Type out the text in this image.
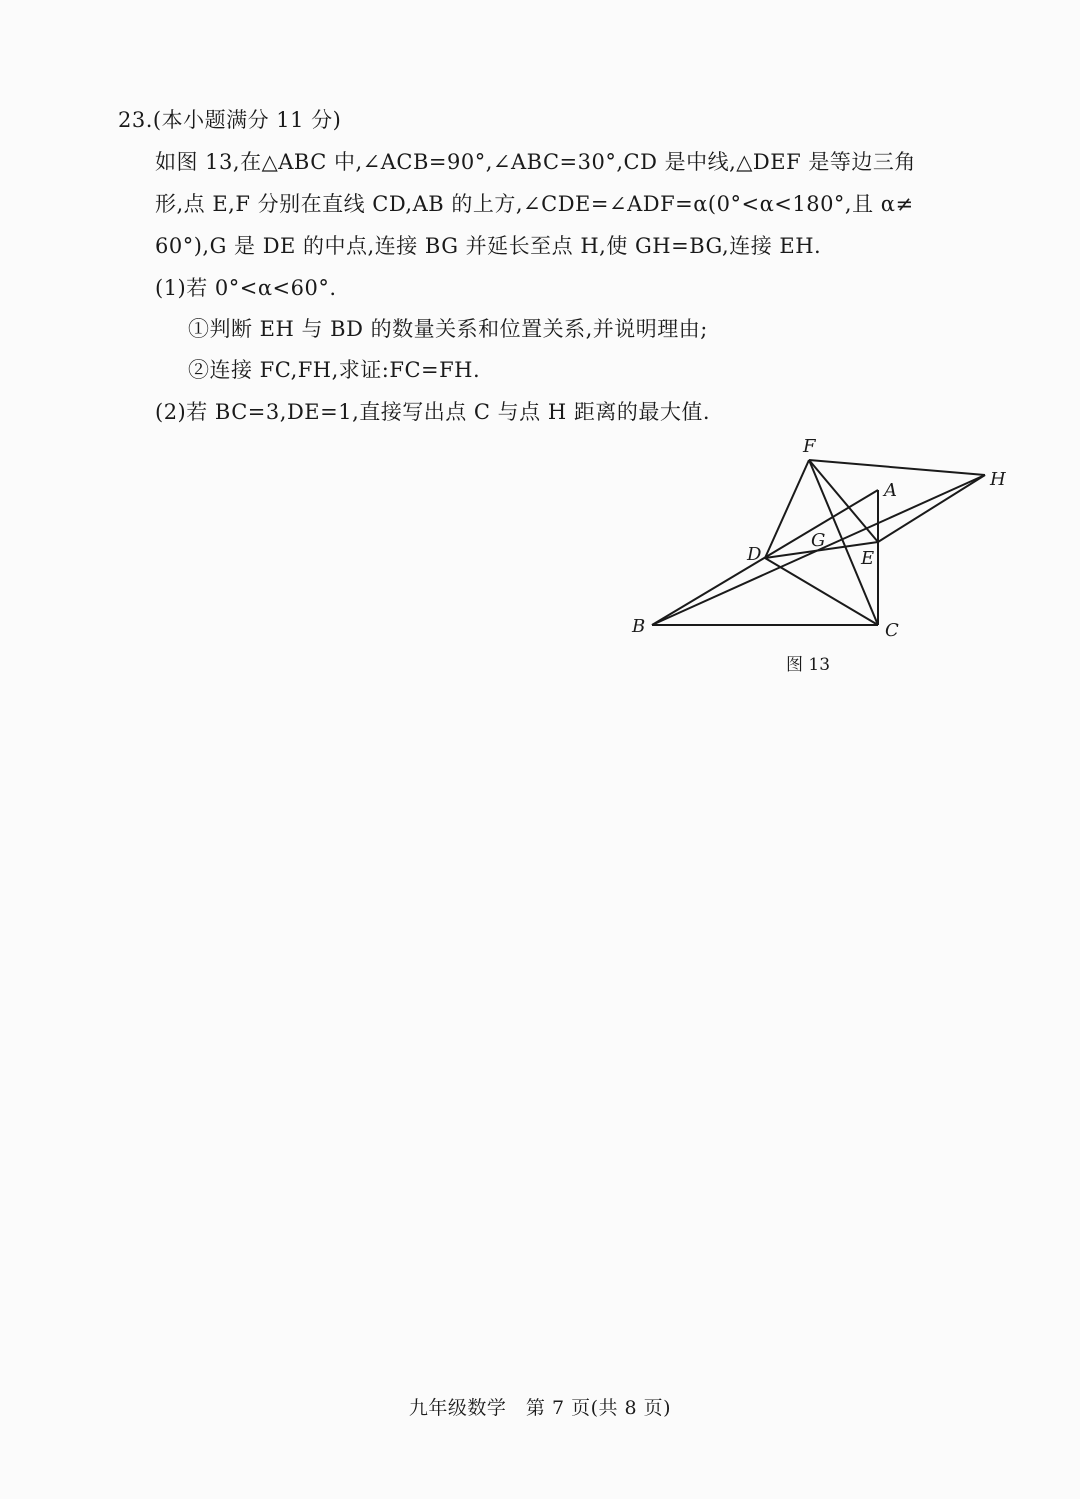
23.(本小题满分 11 分)
如图 13,在△ABC 中,∠ACB=90°,∠ABC=30°,CD 是中线,△DEF 是等边三角
形,点 E,F 分别在直线 CD,AB 的上方,∠CDE=∠ADF=α(0°<α<180°,且 α≠
60°),G 是 DE 的中点,连接 BG 并延长至点 H,使 GH=BG,连接 EH.
(1)若 0°<α<60°.
①判断 EH 与 BD 的数量关系和位置关系,并说明理由;
②连接 FC,FH,求证:FC=FH.
(2)若 BC=3,DE=1,直接写出点 C 与点 H 距离的最大值.
F
A
H
D
G
E
B	C
图 13
九年级数学　第 7 页(共 8 页)
